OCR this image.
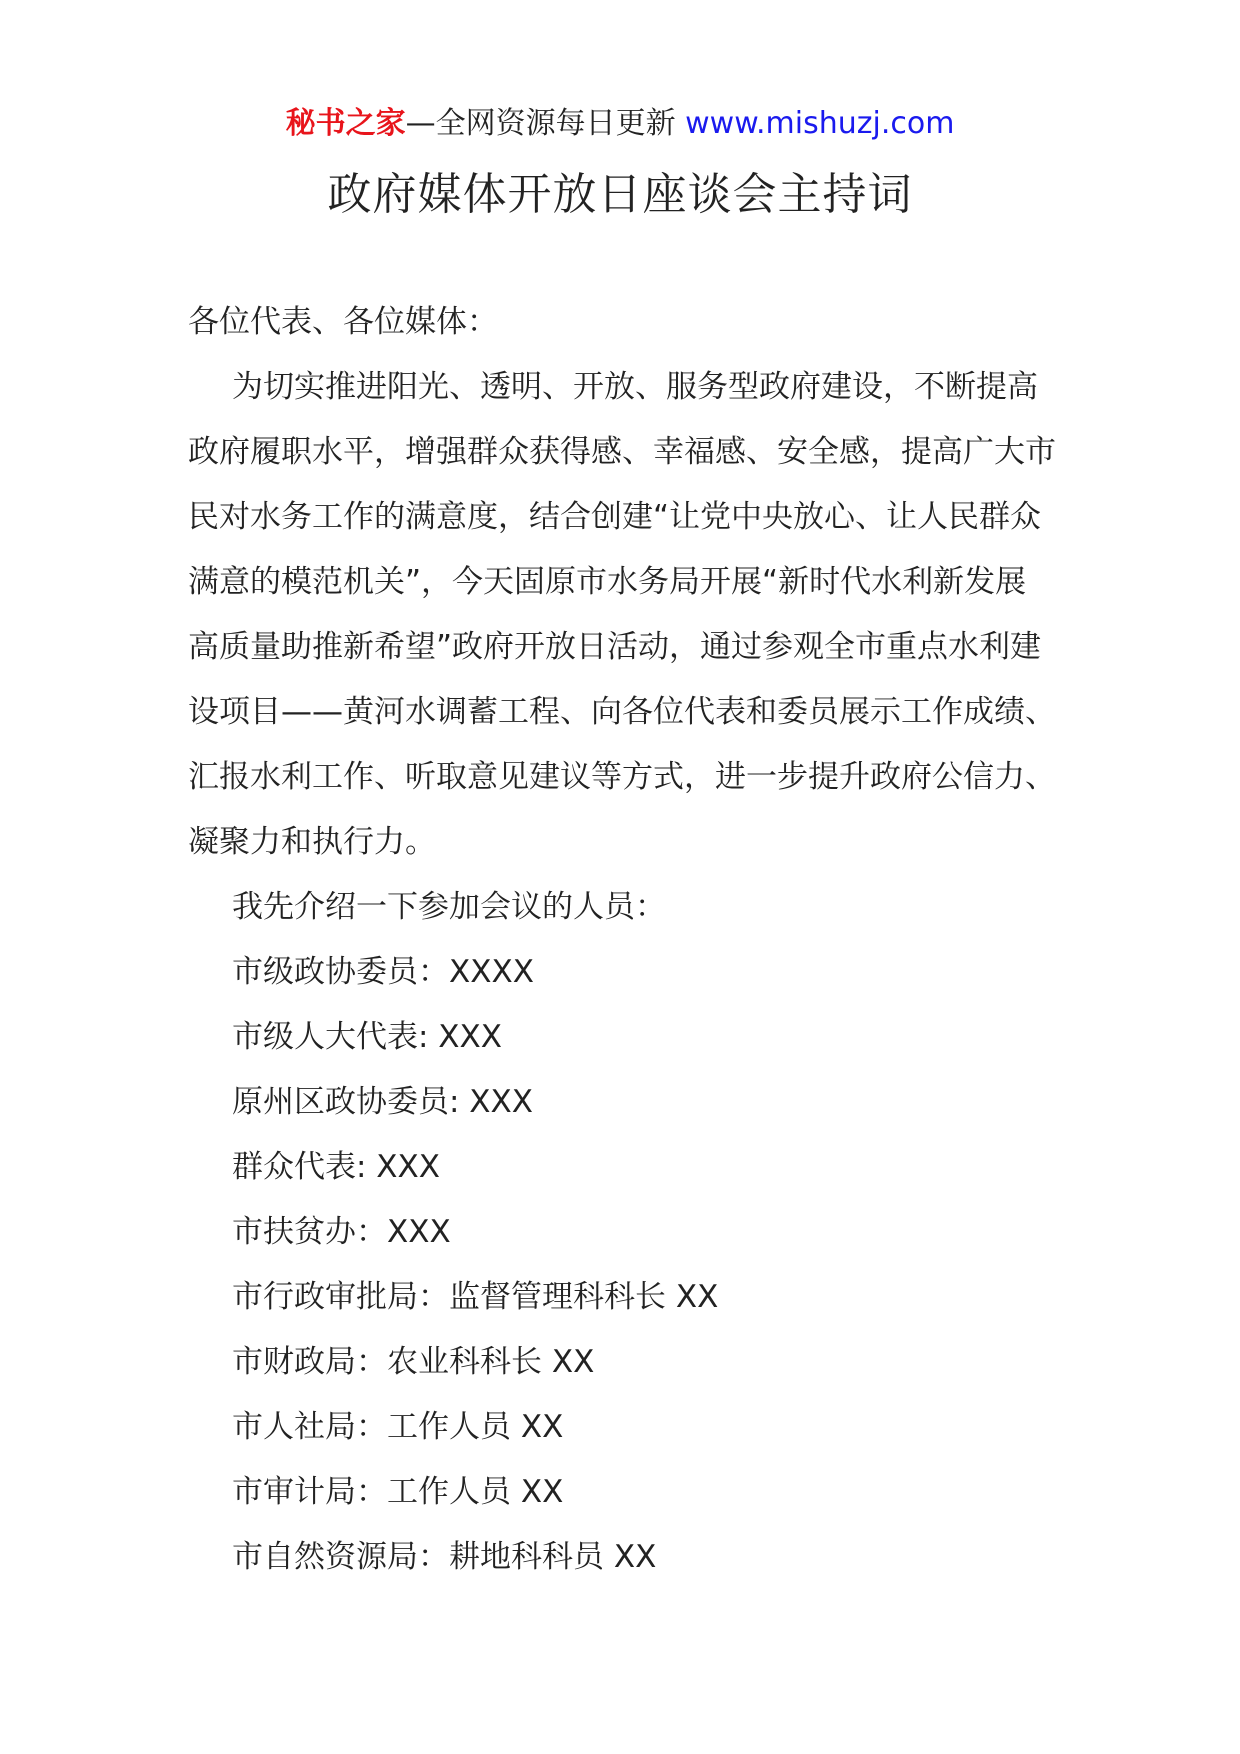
秘书之家—全网资源每日更新 www.mishuzj.com
政府媒体开放日座谈会主持词

各位代表、各位媒体：

为切实推进阳光、透明、开放、服务型政府建设，不断提高政府履职水平，增强群众获得感、幸福感、安全感，提高广大市民对水务工作的满意度，结合创建“让党中央放心、让人民群众满意的模范机关”，今天固原市水务局开展“新时代水利新发展 高质量助推新希望”政府开放日活动，通过参观全市重点水利建设项目——黄河水调蓄工程、向各位代表和委员展示工作成绩、汇报水利工作、听取意见建议等方式，进一步提升政府公信力、凝聚力和执行力。

我先介绍一下参加会议的人员：

市级政协委员：XXXX

市级人大代表: XXX

原州区政协委员: XXX

群众代表: XXX

市扶贫办：XXX

市行政审批局：监督管理科科长 XX

市财政局：农业科科长 XX

市人社局：工作人员 XX

市审计局：工作人员 XX

市自然资源局：耕地科科员 XX
